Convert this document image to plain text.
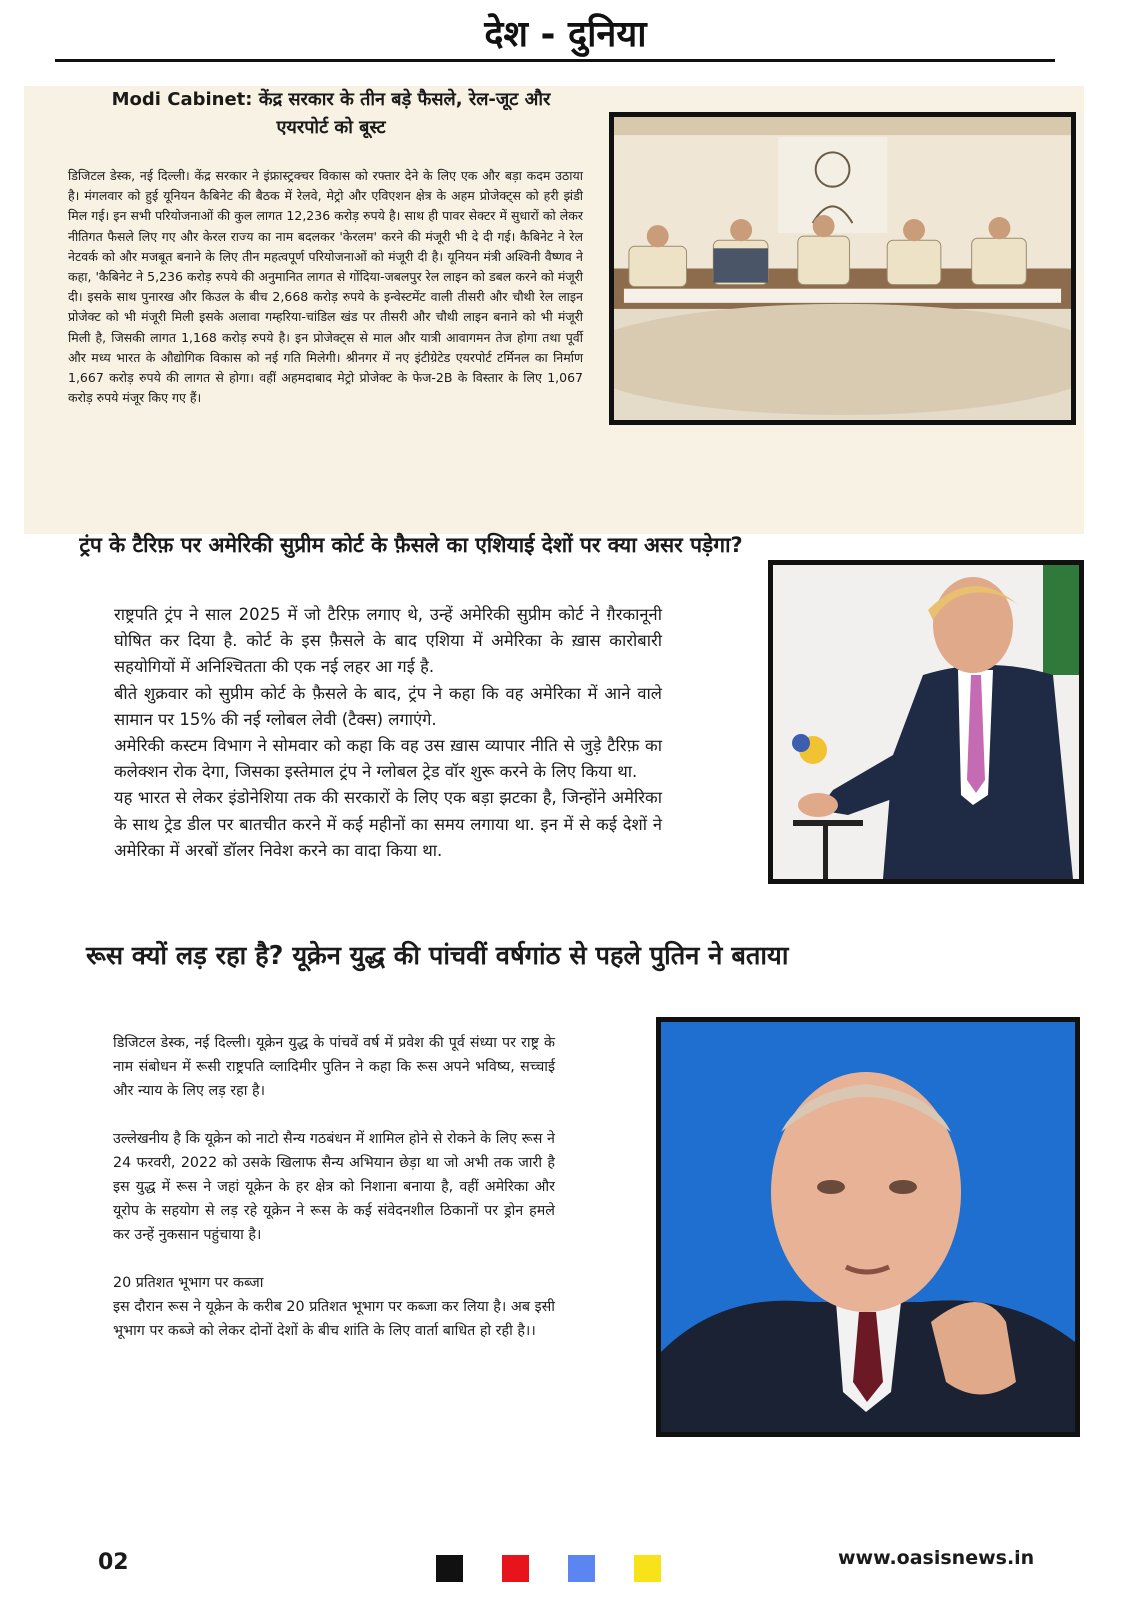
देश - दुनिया
Modi Cabinet: केंद्र सरकार के तीन बड़े फैसले, रेल-जूट और एयरपोर्ट को बूस्ट
डिजिटल डेस्क, नई दिल्ली। केंद्र सरकार ने इंफ्रास्ट्रक्चर विकास को रफ्तार देने के लिए एक और बड़ा कदम उठाया है। मंगलवार को हुई यूनियन कैबिनेट की बैठक में रेलवे, मेट्रो और एविएशन क्षेत्र के अहम प्रोजेक्ट्स को हरी झंडी मिल गई। इन सभी परियोजनाओं की कुल लागत 12,236 करोड़ रुपये है। साथ ही पावर सेक्टर में सुधारों को लेकर नीतिगत फैसले लिए गए और केरल राज्य का नाम बदलकर 'केरलम' करने की मंजूरी भी दे दी गई। कैबिनेट ने रेल नेटवर्क को और मजबूत बनाने के लिए तीन महत्वपूर्ण परियोजनाओं को मंजूरी दी है। यूनियन मंत्री अश्विनी वैष्णव ने कहा, 'कैबिनेट ने 5,236 करोड़ रुपये की अनुमानित लागत से गोंदिया-जबलपुर रेल लाइन को डबल करने को मंजूरी दी। इसके साथ पुनारख और किउल के बीच 2,668 करोड़ रुपये के इन्वेस्टमेंट वाली तीसरी और चौथी रेल लाइन प्रोजेक्ट को भी मंजूरी मिली इसके अलावा गम्हरिया-चांडिल खंड पर तीसरी और चौथी लाइन बनाने को भी मंजूरी मिली है, जिसकी लागत 1,168 करोड़ रुपये है। इन प्रोजेक्ट्स से माल और यात्री आवागमन तेज होगा तथा पूर्वी और मध्य भारत के औद्योगिक विकास को नई गति मिलेगी। श्रीनगर में नए इंटीग्रेटेड एयरपोर्ट टर्मिनल का निर्माण 1,667 करोड़ रुपये की लागत से होगा। वहीं अहमदाबाद मेट्रो प्रोजेक्ट के फेज-2B के विस्तार के लिए 1,067 करोड़ रुपये मंजूर किए गए हैं।
ट्रंप के टैरिफ़ पर अमेरिकी सुप्रीम कोर्ट के फ़ैसले का एशियाई देशों पर क्या असर पड़ेगा?

राष्ट्रपति ट्रंप ने साल 2025 में जो टैरिफ़ लगाए थे, उन्हें अमेरिकी सुप्रीम कोर्ट ने ग़ैरकानूनी घोषित कर दिया है. कोर्ट के इस फ़ैसले के बाद एशिया में अमेरिका के ख़ास कारोबारी सहयोगियों में अनिश्चितता की एक नई लहर आ गई है.

बीते शुक्रवार को सुप्रीम कोर्ट के फ़ैसले के बाद, ट्रंप ने कहा कि वह अमेरिका में आने वाले सामान पर 15% की नई ग्लोबल लेवी (टैक्स) लगाएंगे.

अमेरिकी कस्टम विभाग ने सोमवार को कहा कि वह उस ख़ास व्यापार नीति से जुड़े टैरिफ़ का कलेक्शन रोक देगा, जिसका इस्तेमाल ट्रंप ने ग्लोबल ट्रेड वॉर शुरू करने के लिए किया था.

यह भारत से लेकर इंडोनेशिया तक की सरकारों के लिए एक बड़ा झटका है, जिन्होंने अमेरिका के साथ ट्रेड डील पर बातचीत करने में कई महीनों का समय लगाया था. इन में से कई देशों ने अमेरिका में अरबों डॉलर निवेश करने का वादा किया था.

रूस क्यों लड़ रहा है? यूक्रेन युद्ध की पांचवीं वर्षगांठ से पहले पुतिन ने बताया

डिजिटल डेस्क, नई दिल्ली। यूक्रेन युद्ध के पांचवें वर्ष में प्रवेश की पूर्व संध्या पर राष्ट्र के नाम संबोधन में रूसी राष्ट्रपति व्लादिमीर पुतिन ने कहा कि रूस अपने भविष्य, सच्चाई और न्याय के लिए लड़ रहा है।

उल्लेखनीय है कि यूक्रेन को नाटो सैन्य गठबंधन में शामिल होने से रोकने के लिए रूस ने 24 फरवरी, 2022 को उसके खिलाफ सैन्य अभियान छेड़ा था जो अभी तक जारी है इस युद्ध में रूस ने जहां यूक्रेन के हर क्षेत्र को निशाना बनाया है, वहीं अमेरिका और यूरोप के सहयोग से लड़ रहे यूक्रेन ने रूस के कई संवेदनशील ठिकानों पर ड्रोन हमले कर उन्हें नुकसान पहुंचाया है।

20 प्रतिशत भूभाग पर कब्जा

इस दौरान रूस ने यूक्रेन के करीब 20 प्रतिशत भूभाग पर कब्जा कर लिया है। अब इसी भूभाग पर कब्जे को लेकर दोनों देशों के बीच शांति के लिए वार्ता बाधित हो रही है।।

02	www.oasisnews.in
